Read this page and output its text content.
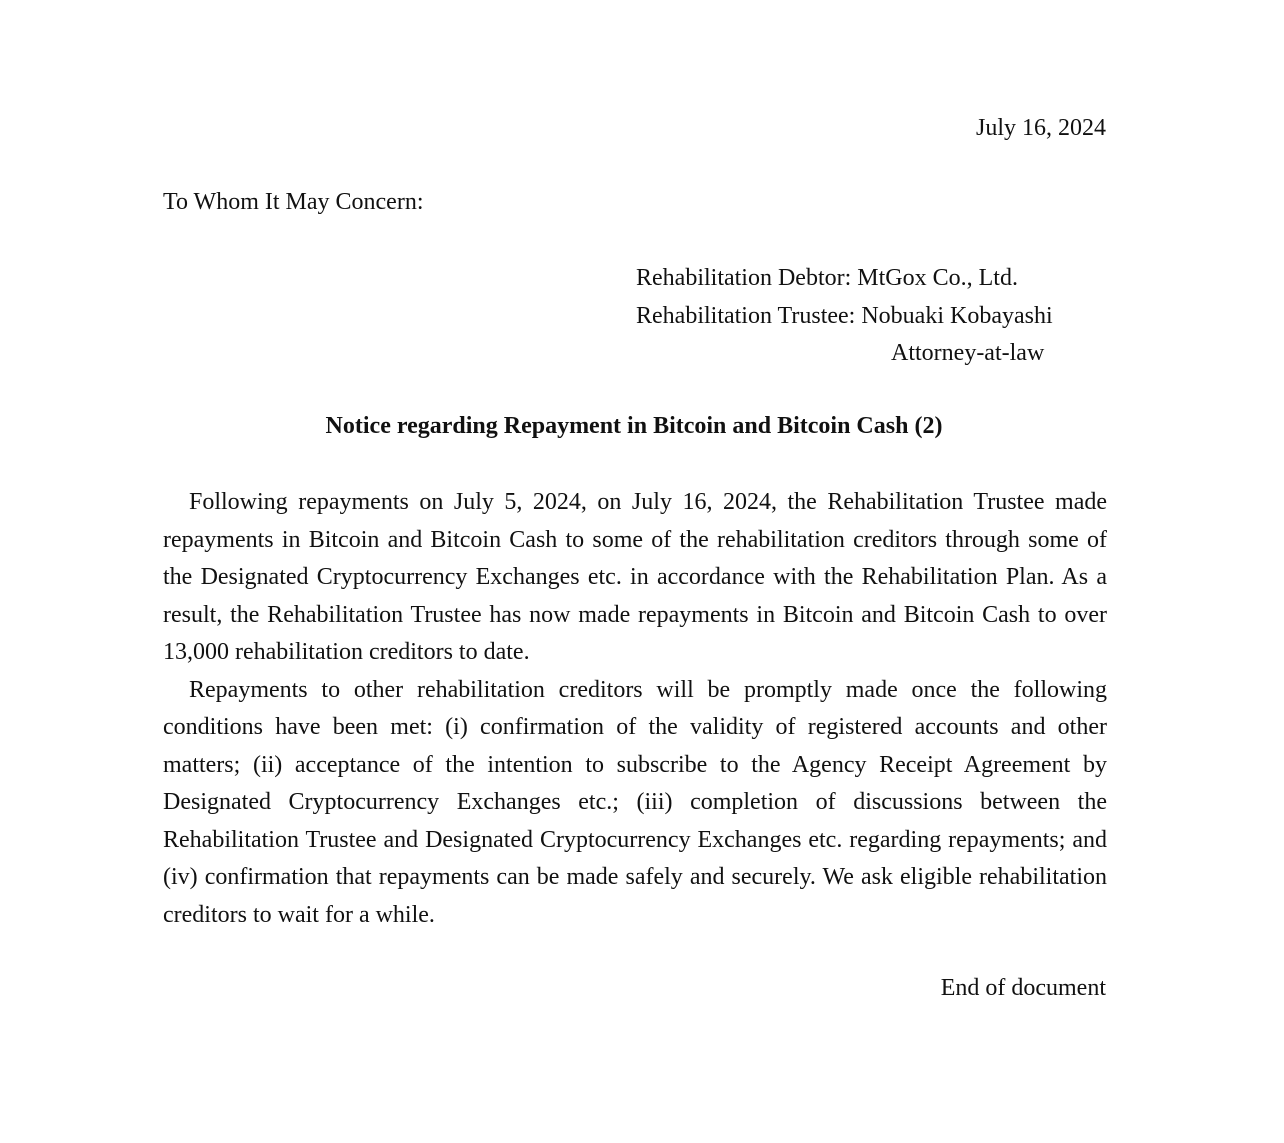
July 16, 2024
To Whom It May Concern:
Rehabilitation Debtor: MtGox Co., Ltd.
Rehabilitation Trustee: Nobuaki Kobayashi
Attorney-at-law
Notice regarding Repayment in Bitcoin and Bitcoin Cash (2)

Following repayments on July 5, 2024, on July 16, 2024, the Rehabilitation Trustee made repayments in Bitcoin and Bitcoin Cash to some of the rehabilitation creditors through some of the Designated Cryptocurrency Exchanges etc. in accordance with the Rehabilitation Plan. As a result, the Rehabilitation Trustee has now made repayments in Bitcoin and Bitcoin Cash to over 13,000 rehabilitation creditors to date.

Repayments to other rehabilitation creditors will be promptly made once the following conditions have been met: (i) confirmation of the validity of registered accounts and other matters; (ii) acceptance of the intention to subscribe to the Agency Receipt Agreement by Designated Cryptocurrency Exchanges etc.; (iii) completion of discussions between the Rehabilitation Trustee and Designated Cryptocurrency Exchanges etc. regarding repayments; and (iv) confirmation that repayments can be made safely and securely. We ask eligible rehabilitation creditors to wait for a while.

End of document
